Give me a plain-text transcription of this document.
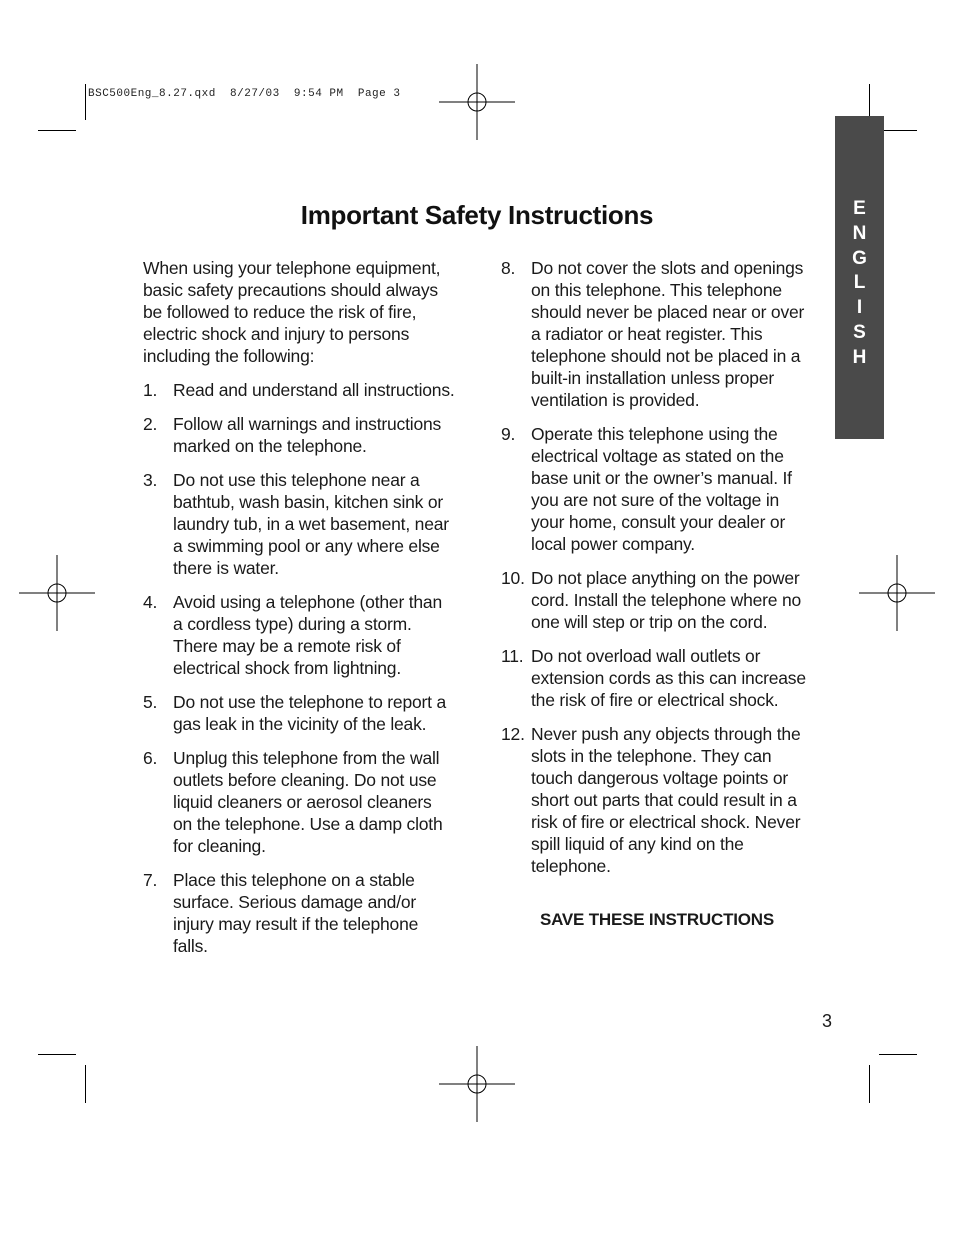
BSC500Eng_8.27.qxd  8/27/03  9:54 PM  Page 3
E
N
G
L
I
S
H
Important Safety Instructions

When using your telephone equipment, basic safety precautions should always be followed to reduce the risk of fire, electric shock and injury to persons including the following:

1. Read and understand all instructions.
2. Follow all warnings and instructions marked on the telephone.
3. Do not use this telephone near a bathtub, wash basin, kitchen sink or laundry tub, in a wet basement, near a swimming pool or any where else there is water.
4. Avoid using a telephone (other than a cordless type) during a storm. There may be a remote risk of electrical shock from lightning.
5. Do not use the telephone to report a gas leak in the vicinity of the leak.
6. Unplug this telephone from the wall outlets before cleaning. Do not use liquid cleaners or aerosol cleaners on the telephone. Use a damp cloth for cleaning.
7. Place this telephone on a stable surface. Serious damage and/or injury may result if the telephone falls.
8. Do not cover the slots and openings on this telephone. This telephone should never be placed near or over a radiator or heat register. This telephone should not be placed in a built-in installation unless proper ventilation is provided.
9. Operate this telephone using the electrical voltage as stated on the base unit or the owner’s manual. If you are not sure of the voltage in your home, consult your dealer or local power company.
10. Do not place anything on the power cord. Install the telephone where no one will step or trip on the cord.
11. Do not overload wall outlets or extension cords as this can increase the risk of fire or electrical shock.
12. Never push any objects through the slots in the telephone. They can touch dangerous voltage points or short out parts that could result in a risk of fire or electrical shock. Never spill liquid of any kind on the telephone.
SAVE THESE INSTRUCTIONS
3
